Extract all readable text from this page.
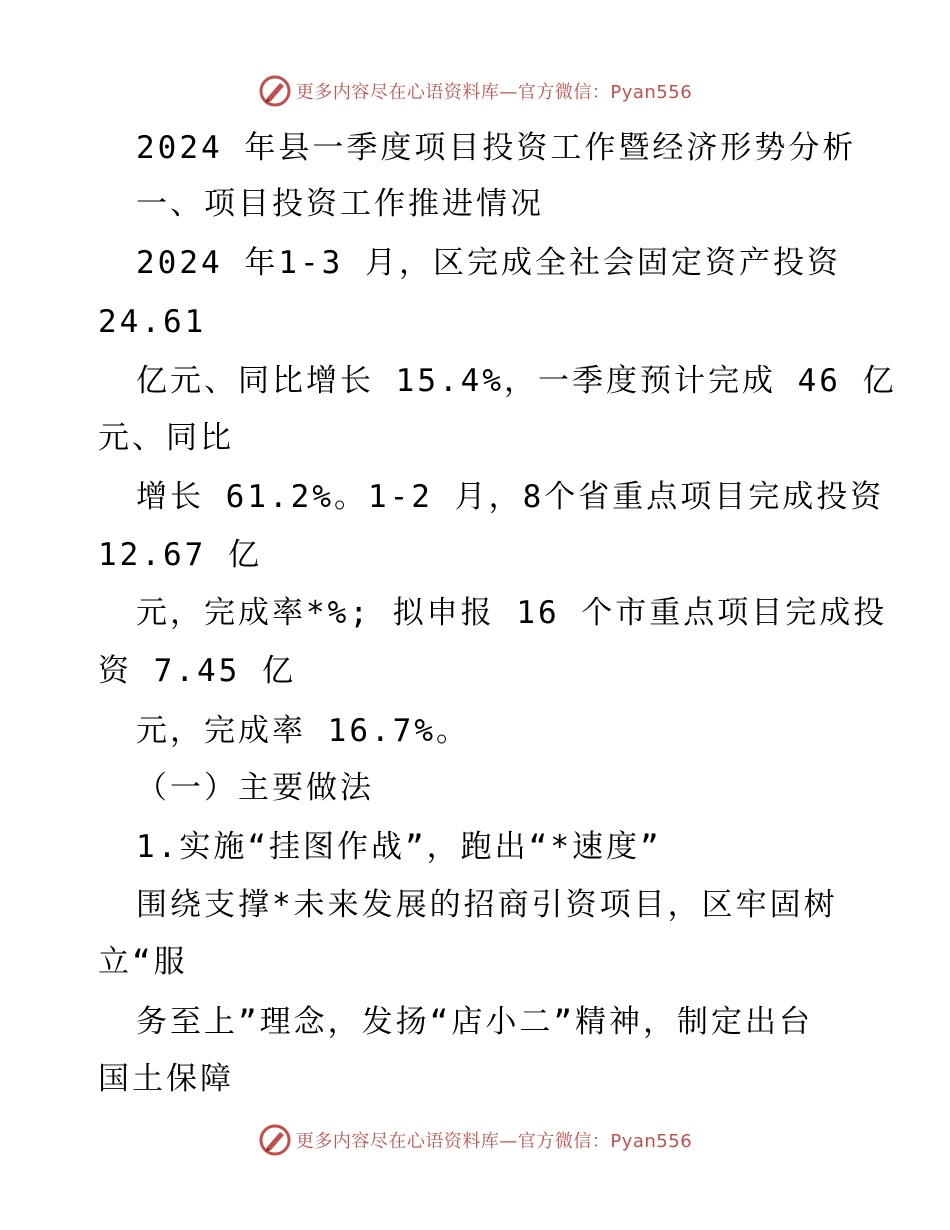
更多内容尽在心语资料库—官方微信：Pyan556
2024 年县一季度项目投资工作暨经济形势分析
一、项目投资工作推进情况
2024 年1-3 月，区完成全社会固定资产投资
24.61
亿元、同比增长 15.4%，一季度预计完成 46 亿
元、同比
增长 61.2%。1-2 月，8个省重点项目完成投资
12.67 亿
元，完成率*%; 拟申报 16 个市重点项目完成投
资 7.45 亿
元，完成率 16.7%。
（一）主要做法
1.实施“挂图作战”，跑出“*速度”
围绕支撑*未来发展的招商引资项目，区牢固树
立“服
务至上”理念，发扬“店小二”精神，制定出台
国土保障
更多内容尽在心语资料库—官方微信：Pyan556
